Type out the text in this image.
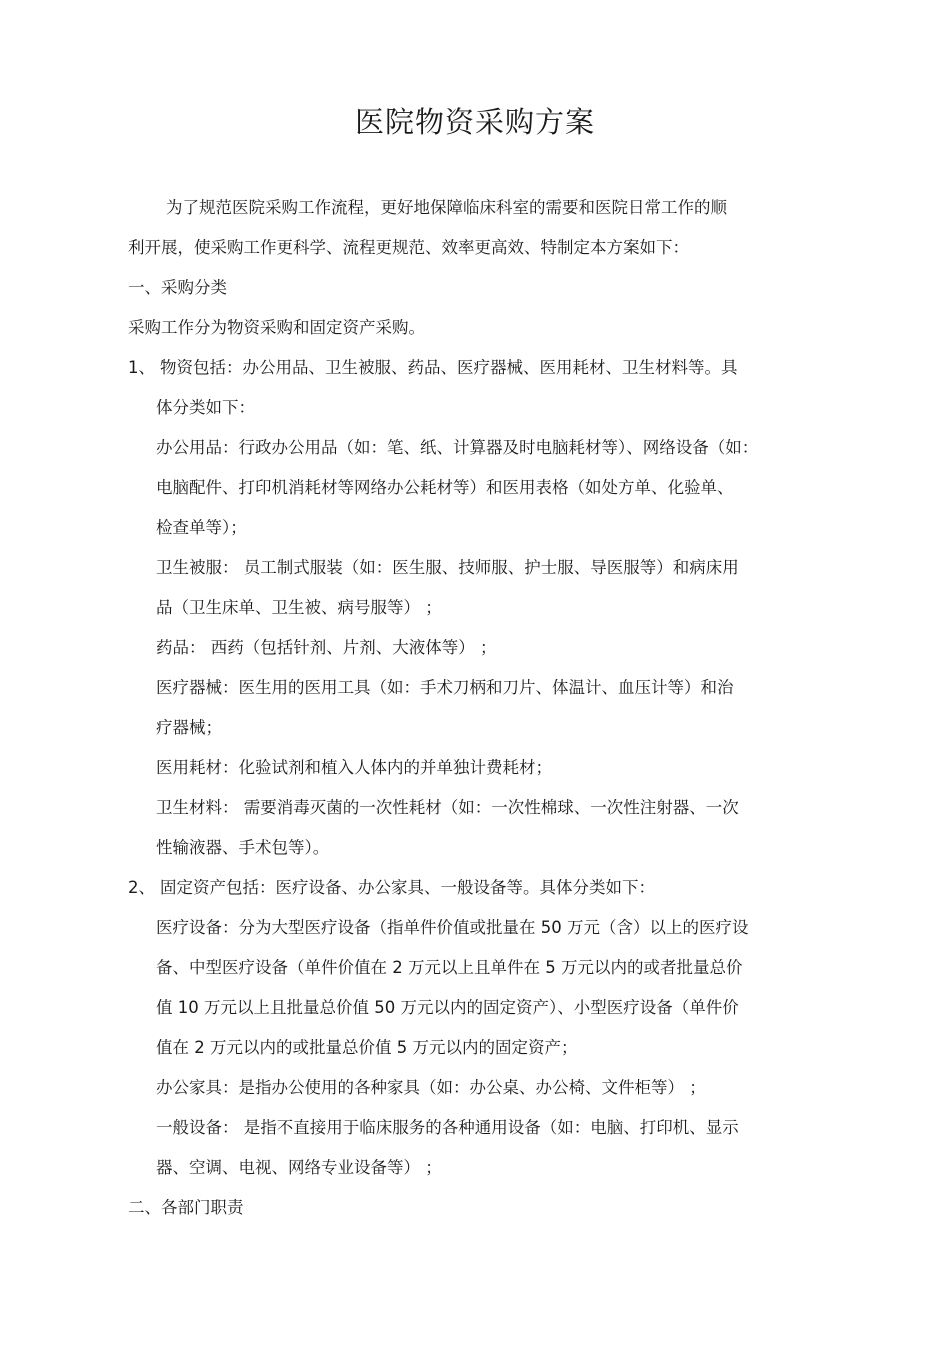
医院物资采购方案
为了规范医院采购工作流程，更好地保障临床科室的需要和医院日常工作的顺
利开展，使采购工作更科学、流程更规范、效率更高效、特制定本方案如下：
一、采购分类
采购工作分为物资采购和固定资产采购。
1、 物资包括：办公用品、卫生被服、药品、医疗器械、医用耗材、卫生材料等。具
体分类如下：
办公用品：行政办公用品（如：笔、纸、计算器及时电脑耗材等）、网络设备（如：
电脑配件、打印机消耗材等网络办公耗材等）和医用表格（如处方单、化验单、
检查单等）；
卫生被服： 员工制式服装（如：医生服、技师服、护士服、导医服等）和病床用
品（卫生床单、卫生被、病号服等） ；
药品： 西药（包括针剂、片剂、大液体等） ；
医疗器械：医生用的医用工具（如：手术刀柄和刀片、体温计、血压计等）和治
疗器械；
医用耗材：化验试剂和植入人体内的并单独计费耗材；
卫生材料： 需要消毒灭菌的一次性耗材（如：一次性棉球、一次性注射器、一次
性输液器、手术包等）。
2、 固定资产包括：医疗设备、办公家具、一般设备等。具体分类如下：
医疗设备：分为大型医疗设备（指单件价值或批量在 50 万元（含）以上的医疗设
备、中型医疗设备（单件价值在 2 万元以上且单件在 5 万元以内的或者批量总价
值 10 万元以上且批量总价值 50 万元以内的固定资产）、小型医疗设备（单件价
值在 2 万元以内的或批量总价值 5 万元以内的固定资产；
办公家具：是指办公使用的各种家具（如：办公桌、办公椅、文件柜等） ；
一般设备： 是指不直接用于临床服务的各种通用设备（如：电脑、打印机、显示
器、空调、电视、网络专业设备等） ；
二、各部门职责
